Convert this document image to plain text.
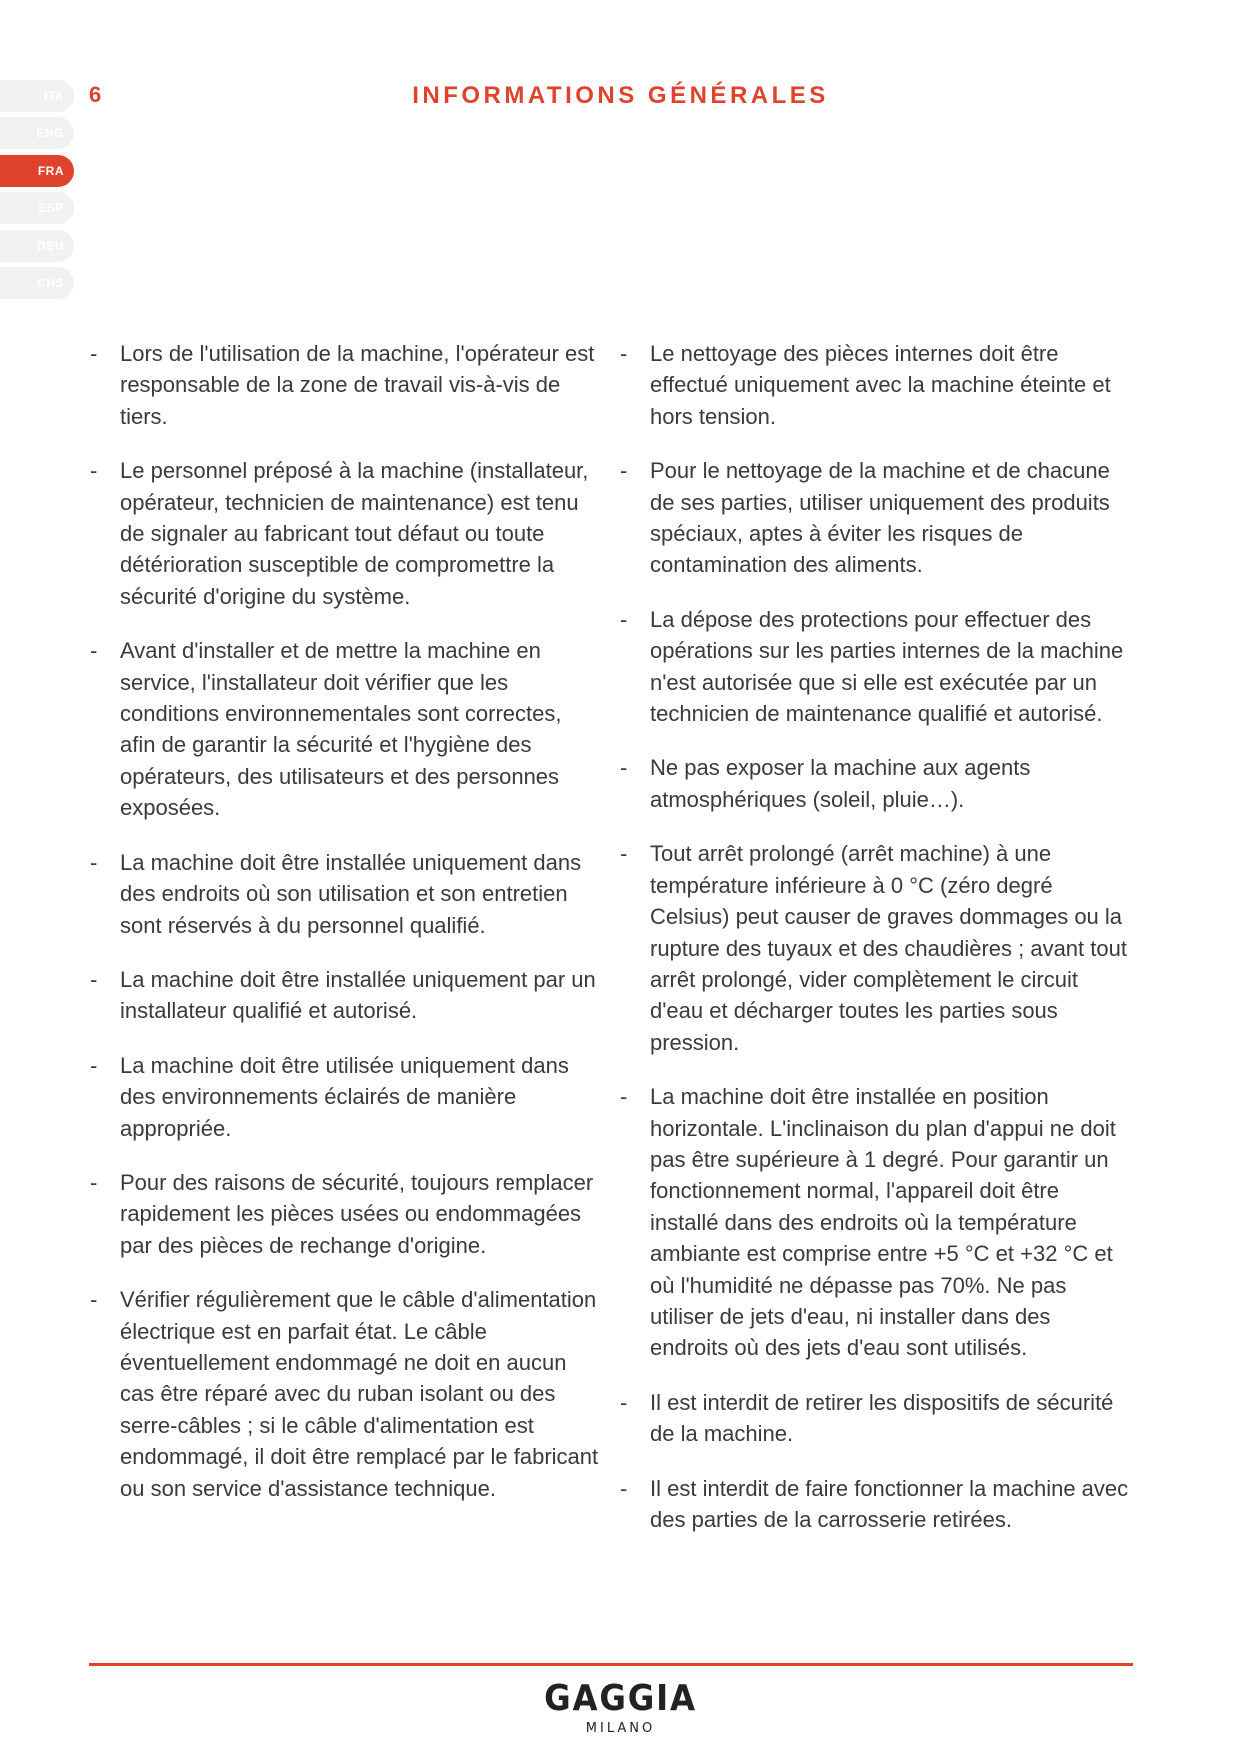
ITA
ENG
FRA
ESP
DEU
CHS
6	INFORMATIONS GÉNÉRALES
- Lors de l'utilisation de la machine, l'opérateur est responsable de la zone de travail vis-à-vis de tiers.
- Le personnel préposé à la machine (installateur, opérateur, technicien de maintenance) est tenu de signaler au fabricant tout défaut ou toute détérioration susceptible de compromettre la sécurité d'origine du système.
- Avant d'installer et de mettre la machine en service, l'installateur doit vérifier que les conditions environnementales sont correctes, afin de garantir la sécurité et l'hygiène des opérateurs, des utilisateurs et des personnes exposées.
- La machine doit être installée uniquement dans des endroits où son utilisation et son entretien sont réservés à du personnel qualifié.
- La machine doit être installée uniquement par un installateur qualifié et autorisé.
- La machine doit être utilisée uniquement dans des environnements éclairés de manière appropriée.
- Pour des raisons de sécurité, toujours remplacer rapidement les pièces usées ou endommagées par des pièces de rechange d'origine.
- Vérifier régulièrement que le câble d'alimentation électrique est en parfait état. Le câble éventuellement endommagé ne doit en aucun cas être réparé avec du ruban isolant ou des serre-câbles ; si le câble d'alimentation est endommagé, il doit être remplacé par le fabricant ou son service d'assistance technique.
- Le nettoyage des pièces internes doit être effectué uniquement avec la machine éteinte et hors tension.
- Pour le nettoyage de la machine et de chacune de ses parties, utiliser uniquement des produits spéciaux, aptes à éviter les risques de contamination des aliments.
- La dépose des protections pour effectuer des opérations sur les parties internes de la machine n'est autorisée que si elle est exécutée par un technicien de maintenance qualifié et autorisé.
- Ne pas exposer la machine aux agents atmosphériques (soleil, pluie…).
- Tout arrêt prolongé (arrêt machine) à une température inférieure à 0 °C (zéro degré Celsius) peut causer de graves dommages ou la rupture des tuyaux et des chaudières ; avant tout arrêt prolongé, vider complètement le circuit d'eau et décharger toutes les parties sous pression.
- La machine doit être installée en position horizontale. L'inclinaison du plan d'appui ne doit pas être supérieure à 1 degré. Pour garantir un fonctionnement normal, l'appareil doit être installé dans des endroits où la température ambiante est comprise entre +5 °C et +32 °C et où l'humidité ne dépasse pas 70%. Ne pas utiliser de jets d'eau, ni installer dans des endroits où des jets d'eau sont utilisés.
- Il est interdit de retirer les dispositifs de sécurité de la machine.
- Il est interdit de faire fonctionner la machine avec des parties de la carrosserie retirées.
GAGGIA
MILANO
